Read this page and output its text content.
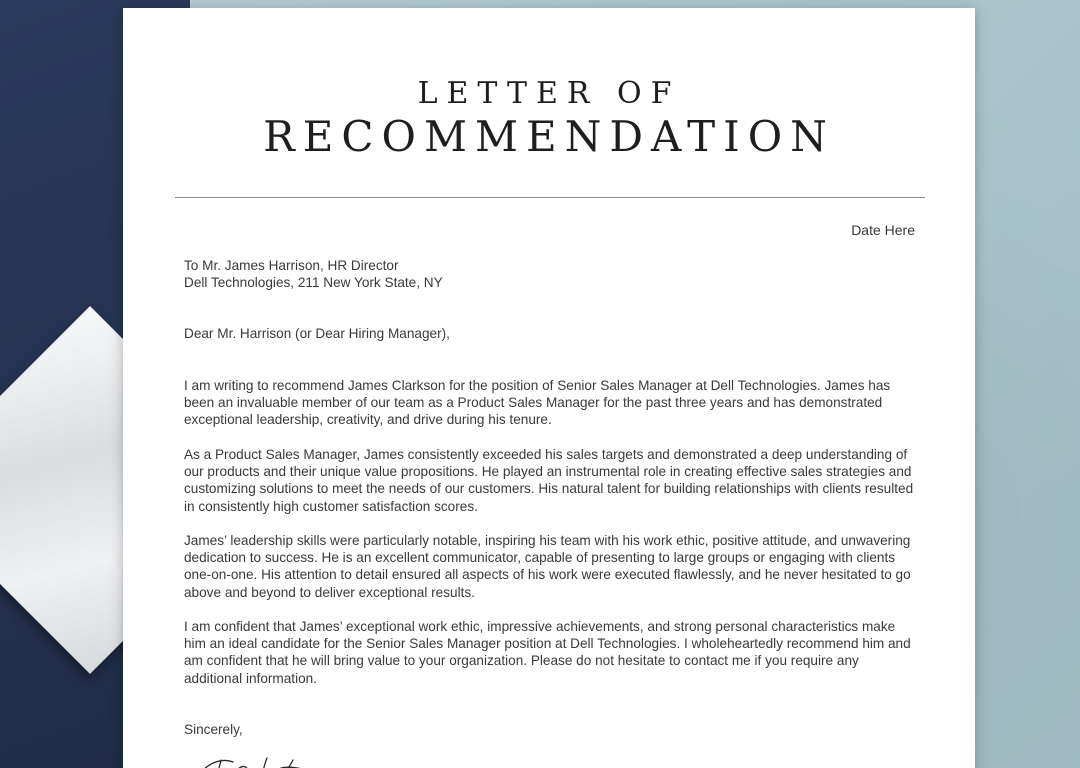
LETTER OF
RECOMMENDATION
Date Here

To Mr. James Harrison, HR Director

Dell Technologies, 211 New York State, NY

Dear Mr. Harrison (or Dear Hiring Manager),

I am writing to recommend James Clarkson for the position of Senior Sales Manager at Dell Technologies. James has been an invaluable member of our team as a Product Sales Manager for the past three years and has demonstrated exceptional leadership, creativity, and drive during his tenure.

As a Product Sales Manager, James consistently exceeded his sales targets and demonstrated a deep understanding of our products and their unique value propositions. He played an instrumental role in creating effective sales strategies and customizing solutions to meet the needs of our customers. His natural talent for building relationships with clients resulted in consistently high customer satisfaction scores.

James’ leadership skills were particularly notable, inspiring his team with his work ethic, positive attitude, and unwavering dedication to success. He is an excellent communicator, capable of presenting to large groups or engaging with clients one-on-one. His attention to detail ensured all aspects of his work were executed flawlessly, and he never hesitated to go above and beyond to deliver exceptional results.

I am confident that James’ exceptional work ethic, impressive achievements, and strong personal characteristics make him an ideal candidate for the Senior Sales Manager position at Dell Technologies. I wholeheartedly recommend him and am confident that he will bring value to your organization. Please do not hesitate to contact me if you require any additional information.

Sincerely,
